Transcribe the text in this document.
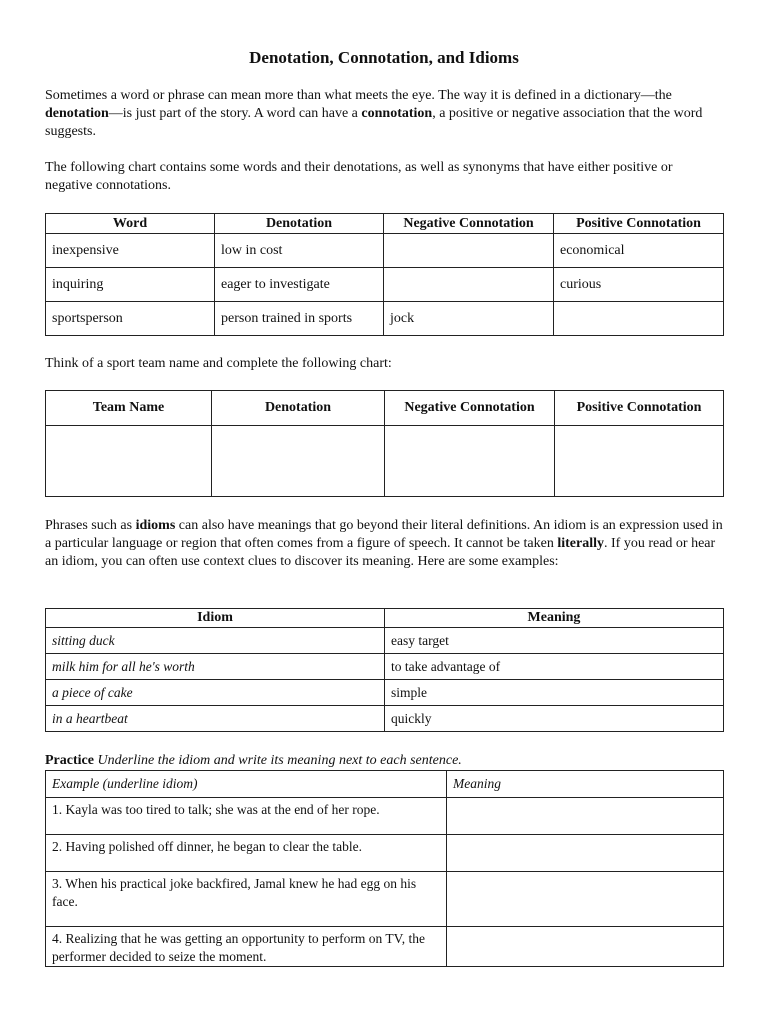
Denotation, Connotation, and Idioms

Sometimes a word or phrase can mean more than what meets the eye. The way it is defined in a dictionary—the denotation—is just part of the story. A word can have a connotation, a positive or negative association that the word suggests.

The following chart contains some words and their denotations, as well as synonyms that have either positive or negative connotations.

Word	Denotation	Negative Connotation	Positive Connotation
inexpensive	low in cost		economical
inquiring	eager to investigate		curious
sportsperson	person trained in sports	jock	

Think of a sport team name and complete the following chart:

Team Name	Denotation	Negative Connotation	Positive Connotation

Phrases such as idioms can also have meanings that go beyond their literal definitions. An idiom is an expression used in a particular language or region that often comes from a figure of speech. It cannot be taken literally. If you read or hear an idiom, you can often use context clues to discover its meaning. Here are some examples:

Idiom	Meaning
sitting duck	easy target
milk him for all he's worth	to take advantage of
a piece of cake	simple
in a heartbeat	quickly

Practice Underline the idiom and write its meaning next to each sentence.

Example (underline idiom)	Meaning
1. Kayla was too tired to talk; she was at the end of her rope.	
2. Having polished off dinner, he began to clear the table.	
3. When his practical joke backfired, Jamal knew he had egg on his face.	
4. Realizing that he was getting an opportunity to perform on TV, the performer decided to seize the moment.	
